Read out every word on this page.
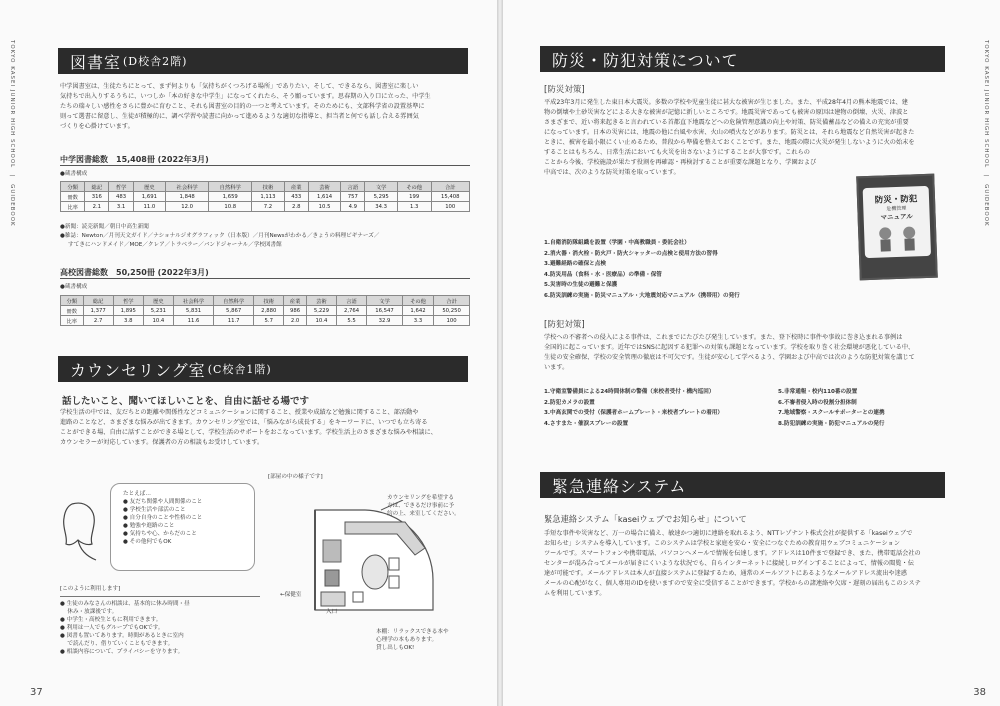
TOKYO KASEI JUNIOR HIGH SCHOOL　|　GUIDEBOOK	図書室 (D校舎2階)
中学図書室は、生徒たちにとって、まず何よりも「気持ちがくつろげる場所」でありたい、そして、できるなら、図書室に楽しい
気持ちで出入りするうちに、いつしか「本の好きな中学生」になってくれたら、そう願っています。思春期の入り口に立った、中学生
たちの瑞々しい感性をさらに豊かに育むこと、それも図書室の目的の一つと考えています。そのためにも、文部科学省の設置基準に
則って選書に留意し、生徒が積極的に、調べ学習や読書に向かって進めるような適切な指導と、担当者と何でも話し合える雰囲気
づくりを心掛けています。
中学図書総数　15,408冊 (2022年3月)
●蔵書構成
分類	総記	哲学	歴史	社会科学	自然科学	技術	産業	芸術	言語	文学	その他	合計
冊数	316	483	1,691	1,848	1,659	1,113	433	1,614	757	5,295	199	15,408
比率	2.1	3.1	11.0	12.0	10.8	7.2	2.8	10.5	4.9	34.3	1.3	100
●新聞：読売新聞／朝日中高生新聞
●雑誌：Newton／月刊天文ガイド／ナショナルジオグラフィック（日本版）／月刊Newsがわかる／きょうの料理ビギナーズ／
すてきにハンドメイド／MOE／クレア／トラベラー／バンドジャーナル／学校図書館
高校図書総数　50,250冊 (2022年3月)
●蔵書構成
分類	総記	哲学	歴史	社会科学	自然科学	技術	産業	芸術	言語	文学	その他	合計
冊数	1,377	1,895	5,231	5,831	5,867	2,880	986	5,229	2,764	16,547	1,642	50,250
比率	2.7	3.8	10.4	11.6	11.7	5.7	2.0	10.4	5.5	32.9	3.3	100
カウンセリング室 (C校舎1階)
話したいこと、聞いてほしいことを、自由に話せる場です
学校生活の中では、友だちとの距離や関係性などコミュニケーションに関すること、授業や成績など勉強に関すること、部活動や
進路のことなど、さまざまな悩みが出てきます。カウンセリング室では、「悩みながら成長する」をキーワードに、いつでも立ち寄る
ことができる場、自由に話すことができる場として、学校生活のサポートをおこなっています。学校生活上のさまざまな悩みや相談に、
カウンセラーが対応しています。保護者の方の相談もお受けしています。
たとえば…
● 友だち関係や人間関係のこと
● 学校生活や部活のこと
● 自分自身のことや性格のこと
● 勉強や進路のこと
● 気持ちや心、からだのこと
● その他何でもOK
[このように利用します]
● 生徒のみなさんの相談は、基本的に休み時間・昼
　 休み・放課後です。
● 中学生・高校生ともに利用できます。
● 利用は一人でもグループでもOKです。
● 図書も置いてあります。時間があるときに室内
　 で読んだり、借りていくこともできます。
● 相談内容について、プライバシーを守ります。
[部屋の中の様子です]
カウンセリングを希望する
方は、できるだけ事前に予
約の上、来室してください。
←保健室
入口
本棚：リラックスできる本や
心理学の本もあります。
貸し出しもOK!
37
TOKYO KASEI JUNIOR HIGH SCHOOL　|　GUIDEBOOK
防災・防犯対策について
[防災対策]
平成23年3月に発生した東日本大震災。多数の学校や児童生徒に甚大な被害が生じました。また、平成28年4月の熊本地震では、建
物の倒壊や土砂災害などによる大きな被害が記憶に新しいところです。地震災害であっても被害の原因は建物の倒壊、火災、津波と
さまざまで、近い将来起きると言われている首都直下地震などへの危険管理意識の向上や対策、防災備蓄品などの備えの充実が重要
になっています。日本の災害には、地震の他に台風や水害、火山の噴火などがあります。防災とは、それら地震など自然災害が起きた
ときに、被害を最小限にくい止めるため、普段から準備を整えておくことです。また、地震の際に火災が発生しないように火の始末を
することはもちろん、日常生活においても火災を出さないようにすることが大事です。これらの
ことから今後、学校施設が果たす役割を再確認・再検討することが重要な課題となり、学園および
中高では、次のような防災対策を取っています。
防災・防犯
危機管理
マニュアル
1.自衛消防隊組織を設置（学園・中高教職員・委託会社）
2.消火器・消火栓・防火戸・防火シャッターの点検と使用方法の習得
3.避難経路の確保と点検
4.防災用品（食料・水・医療品）の準備・保管
5.災害時の生徒の避難と保護
6.防災訓練の実施・防災マニュアル・大地震対応マニュアル（携帯用）の発行
[防犯対策]
学校への不審者への侵入による事件は、これまでにたびたび発生しています。また、登下校時に事件や事故に巻き込まれる事例は
全国的に起こっています。近年ではSNSに起因する犯罪への対策も課題となっています。学校を取り巻く社会環境が悪化している中、
生徒の安全確保、学校の安全管理の徹底は不可欠です。生徒が安心して学べるよう、学園および中高では次のような防犯対策を講じて
います。
1.守衛室警備員による24時間体制の警備（来校者受付・構内巡回）
2.防犯カメラの設置
3.中高玄関での受付（保護者ホームプレート・来校者プレートの着用）
4.さすまた・催涙スプレーの設置
5.非常通報・校内110番の設置
6.不審者侵入時の役割分担体制
7.地域警察・スクールサポーターとの連携
8.防犯訓練の実施・防犯マニュアルの発行
緊急連絡システム
緊急連絡システム「kaseiウェブでお知らせ」について
手短な事件や災害など、万一の場合に備え、敏速かつ適切に連絡を取れるよう、NTTレゾナント株式会社が提供する「kaseiウェブで
お知らせ」システムを導入しています。このシステムは学校と家庭を安心・安全につなぐための教育用ウェブコミュニケーション
ツールです。スマートフォンや携帯電話、パソコンへメールで情報を伝達します。アドレスは10件まで登録でき、また、携帯電話会社の
センターが混み合ってメールが届きにくいような状況でも、自らインターネットに接続しログインすることによって、情報の閲覧・伝
達が可能です。メールアドレスは本人が直接システムに登録するため、通常のメールソフトにあるようなメールアドレス流出や迷惑
メールの心配がなく、個人専用のIDを使いますので安全に受信することができます。学校からの諸連絡や欠席・遅刻の届出もこのシステ
ムを利用しています。
38
